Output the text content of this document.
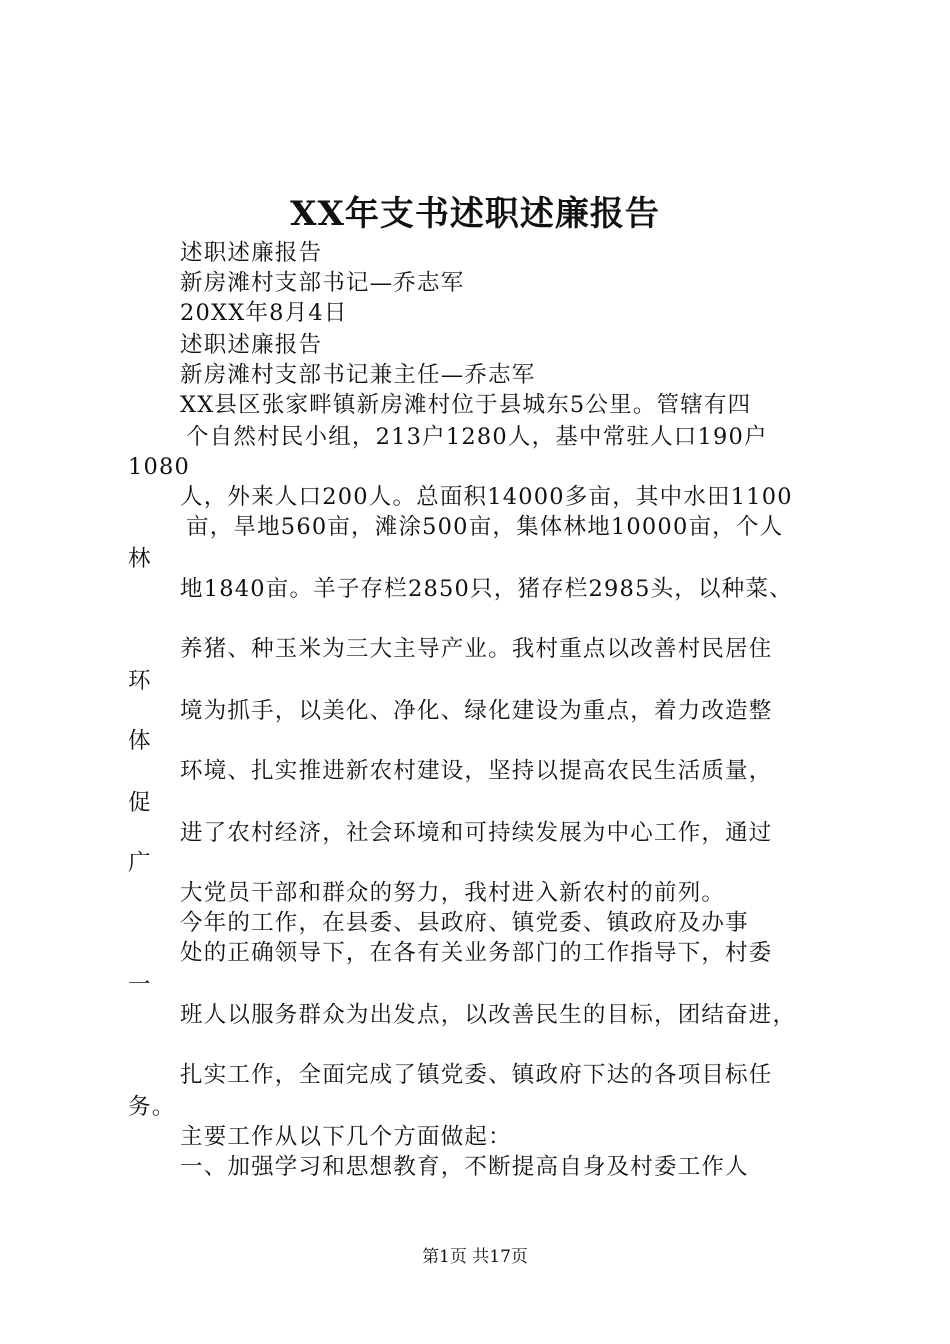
XX年支书述职述廉报告
述职述廉报告
新房滩村支部书记—乔志军
20XX年8月4日
述职述廉报告
新房滩村支部书记兼主任—乔志军
XX县区张家畔镇新房滩村位于县城东5公里。管辖有四
个自然村民小组，213户1280人，基中常驻人口190户
1080
人，外来人口200人。总面积14000多亩，其中水田1100
亩，旱地560亩，滩涂500亩，集体林地10000亩，个人
林
地1840亩。羊子存栏2850只，猪存栏2985头，以种菜、
养猪、种玉米为三大主导产业。我村重点以改善村民居住
环
境为抓手，以美化、净化、绿化建设为重点，着力改造整
体
环境、扎实推进新农村建设，坚持以提高农民生活质量，
促
进了农村经济，社会环境和可持续发展为中心工作，通过
广
大党员干部和群众的努力，我村进入新农村的前列。
今年的工作，在县委、县政府、镇党委、镇政府及办事
处的正确领导下，在各有关业务部门的工作指导下，村委
一
班人以服务群众为出发点，以改善民生的目标，团结奋进，
扎实工作，全面完成了镇党委、镇政府下达的各项目标任
务。
主要工作从以下几个方面做起：
一、加强学习和思想教育，不断提高自身及村委工作人
第1页 共17页
